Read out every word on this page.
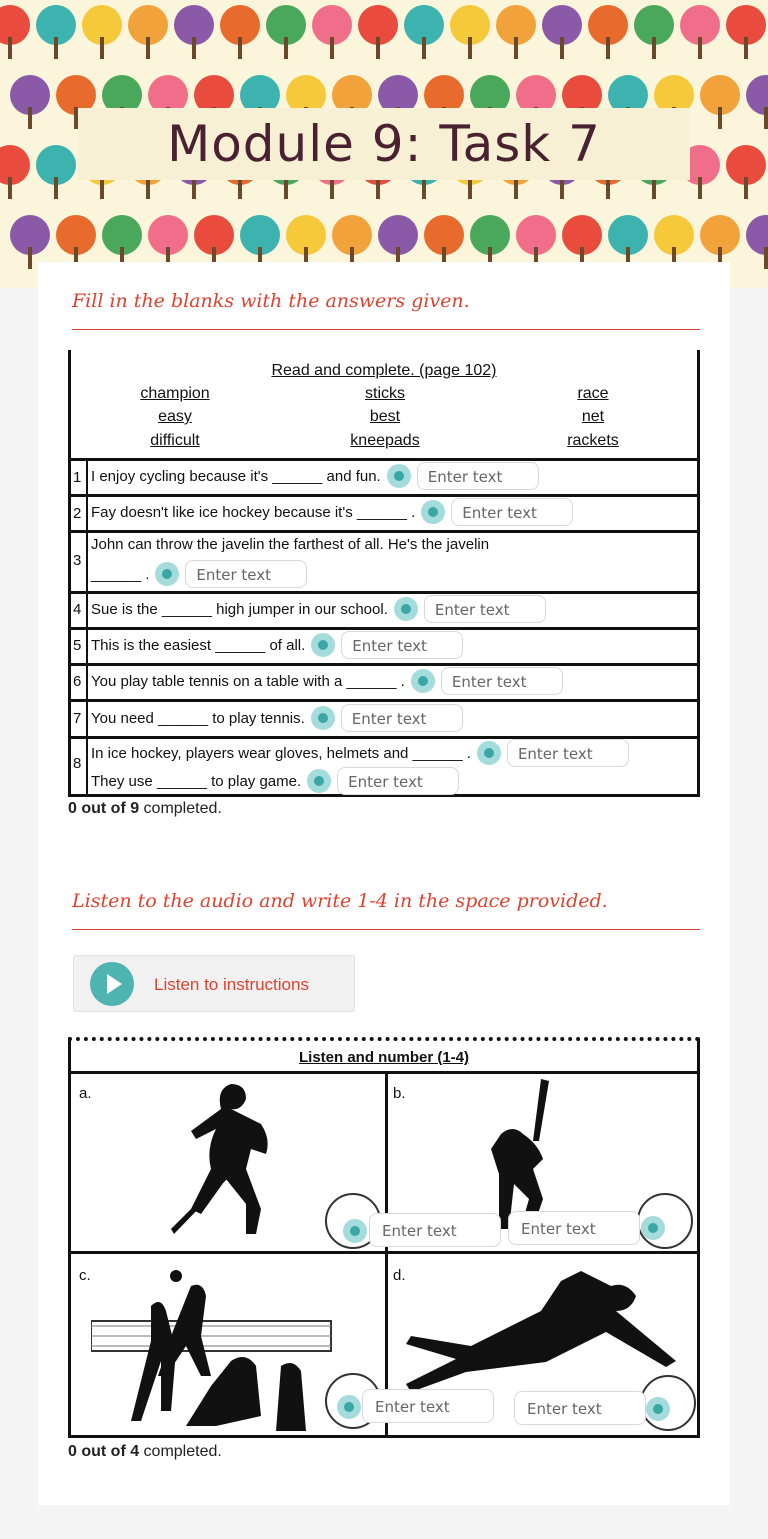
Module 9: Task 7
Fill in the blanks with the answers given.
Read and complete. (page 102)
champion	sticks	race
easy	best	net
difficult	kneepads	rackets
1 I enjoy cycling because it's ______ and fun.	Enter text
2 Fay doesn't like ice hockey because it's ______ .	Enter text
3
John can throw the javelin the farthest of all. He's the javelin
______ .	Enter text
4 Sue is the ______ high jumper in our school.	Enter text
5 This is the easiest ______ of all.	Enter text
6 You play table tennis on a table with a ______ .	Enter text
7 You need ______ to play tennis.	Enter text
8
In ice hockey, players wear gloves, helmets and ______ .	Enter text
They use ______ to play game.	Enter text
0 out of 9 completed.
Listen to the audio and write 1-4 in the space provided.
Listen to instructions
Listen and number (1-4)
a.	b.
c.	d.
Enter text	Enter text
Enter text	Enter text
0 out of 4 completed.
